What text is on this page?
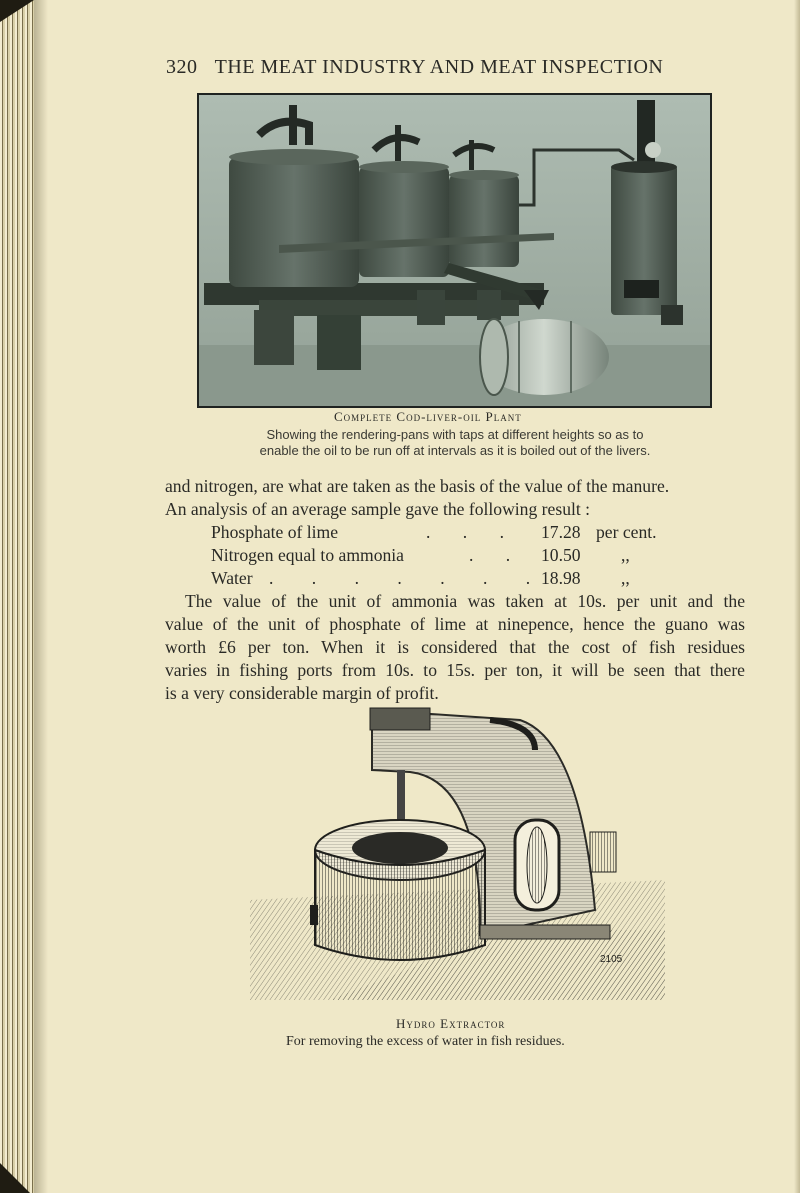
320 THE MEAT INDUSTRY AND MEAT INSPECTION
Complete Cod-liver-oil Plant
Showing the rendering-pans with taps at different heights so as to
enable the oil to be run off at intervals as it is boiled out of the livers.
and nitrogen, are what are taken as the basis of the value of the manure.
An analysis of an average sample gave the following result :
Phosphate of lime	. . . 17.28 per cent.
Nitrogen equal to ammonia	. . 10.50 ,,
Water . . . . . . .
18.98 ,,
The value of the unit of ammonia was taken at 10s. per unit and the
value of the unit of phosphate of lime at ninepence, hence the guano was
worth £6 per ton. When it is considered that the cost of fish residues
varies in fishing ports from 10s. to 15s. per ton, it will be seen that there
is a very considerable margin of profit.
2105
Hydro Extractor
For removing the excess of water in fish residues.
